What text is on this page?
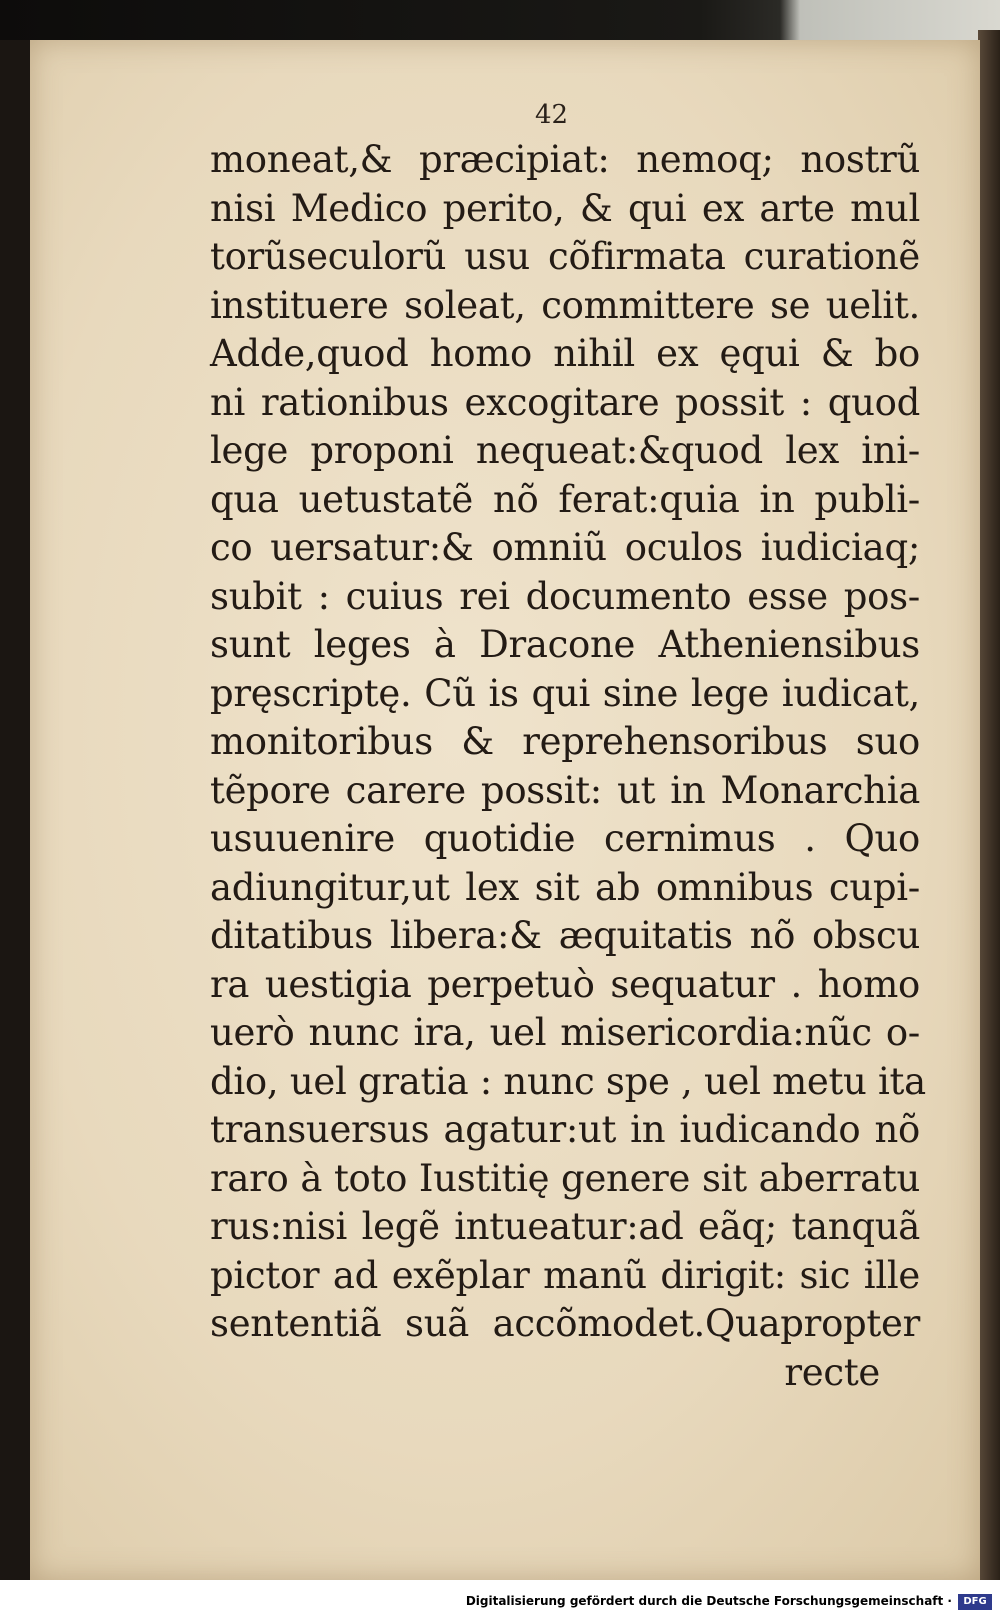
42
moneat,& præcipiat: nemoq; nostrũ
nisi Medico perito, & qui ex arte mul
torũseculorũ usu cõfirmata curationẽ
instituere soleat, committere se uelit.
Adde,quod homo nihil ex ęqui & bo
ni rationibus excogitare possit : quod
lege proponi nequeat:&quod lex ini-
qua uetustatẽ nõ ferat:quia in publi-
co uersatur:& omniũ oculos iudiciaq;
subit : cuius rei documento esse pos-
sunt leges à Dracone Atheniensibus
pręscriptę. Cũ is qui sine lege iudicat,
monitoribus & reprehensoribus suo
tẽpore carere possit: ut in Monarchia
usuuenire quotidie cernimus . Quo
adiungitur,ut lex sit ab omnibus cupi-
ditatibus libera:& æquitatis nõ obscu
ra uestigia perpetuò sequatur . homo
uerò nunc ira, uel misericordia:nũc o-
dio, uel gratia : nunc spe , uel metu ita
transuersus agatur:ut in iudicando nõ
raro à toto Iustitię genere sit aberratu
rus:nisi legẽ intueatur:ad eãq; tanquã
pictor ad exẽplar manũ dirigit: sic ille
sententiã suã accõmodet.Quapropter
recte
Digitalisierung gefördert durch die Deutsche Forschungsgemeinschaft ·	DFG
